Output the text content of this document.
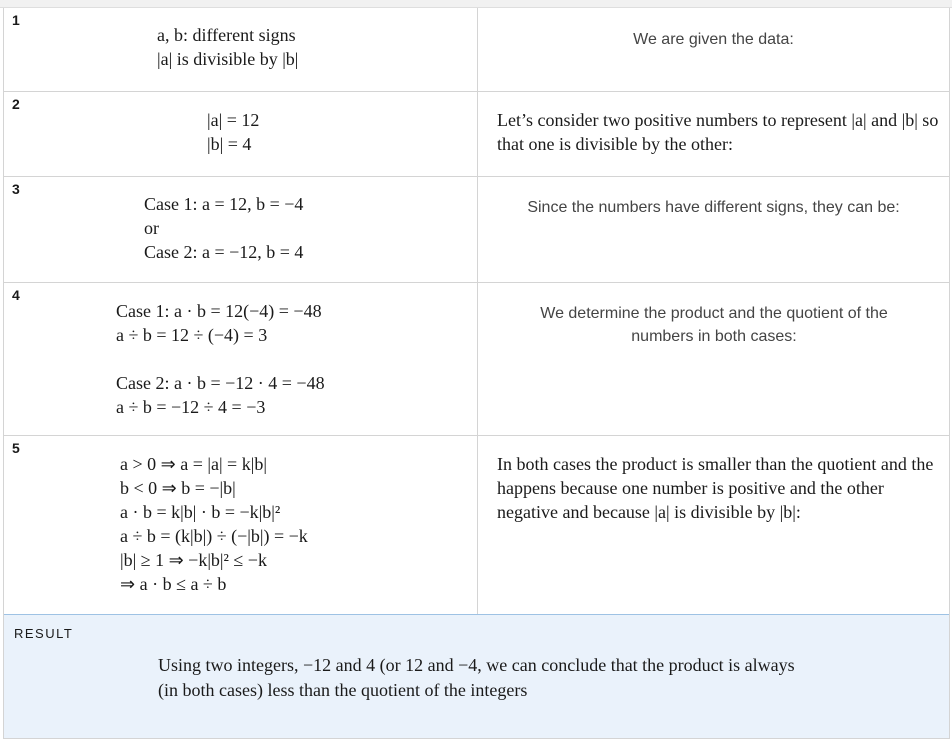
1
a, b: different signs
|a| is divisible by |b|
We are given the data:
2
|a| = 12
|b| = 4
Let’s consider two positive numbers to represent |a| and |b| so that one is divisible by the other:
3
Case 1: a = 12, b = −4
or
Case 2: a = −12, b = 4
Since the numbers have different signs, they can be:
4
Case 1: a · b = 12(−4) = −48
a ÷ b = 12 ÷ (−4) = 3
Case 2: a · b = −12 · 4 = −48
a ÷ b = −12 ÷ 4 = −3
We determine the product and the quotient of the numbers in both cases:
5
a > 0 ⇒ a = |a| = k|b|
b < 0 ⇒ b = −|b|
a · b = k|b| · b = −k|b|²
a ÷ b = (k|b|) ÷ (−|b|) = −k
|b| ≥ 1 ⇒ −k|b|² ≤ −k
⇒ a · b ≤ a ÷ b
In both cases the product is smaller than the quotient and the happens because one number is positive and the other negative and because |a| is divisible by |b|:
RESULT
Using two integers, −12 and 4 (or 12 and −4, we can conclude that the product is always (in both cases) less than the quotient of the integers
